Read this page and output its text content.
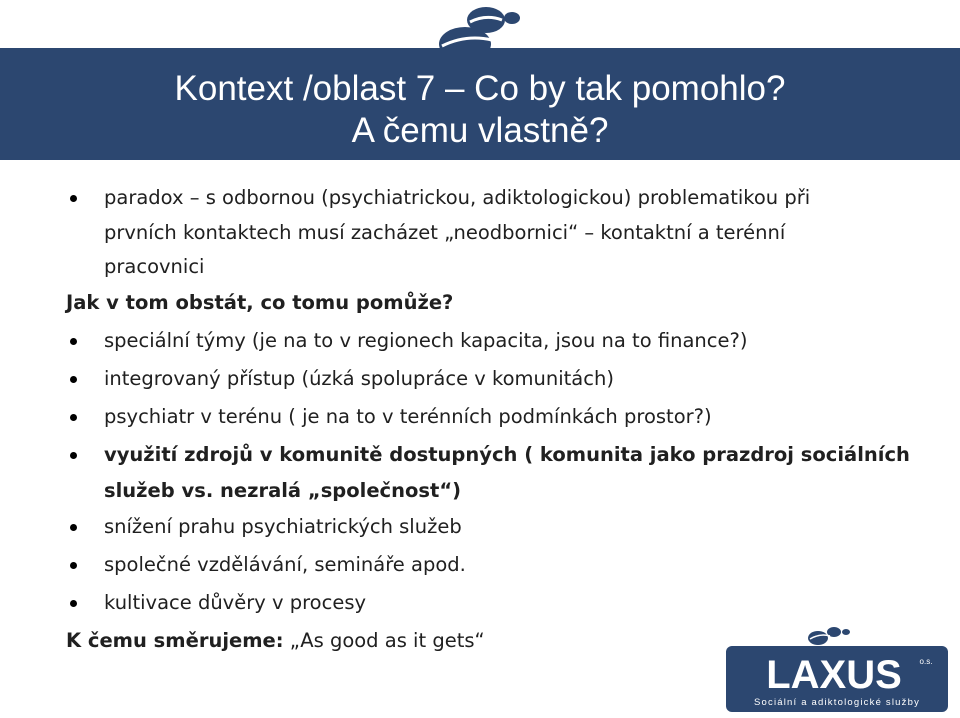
Kontext /oblast 7 – Co by tak pomohlo?
A čemu vlastně?
paradox – s odbornou (psychiatrickou, adiktologickou) problematikou při
prvních kontaktech musí zacházet „neodbornici“ – kontaktní a terénní
pracovnici
Jak v tom obstát, co tomu pomůže?
speciální týmy (je na to v regionech kapacita, jsou na to finance?)
integrovaný přístup (úzká spolupráce v komunitách)
psychiatr v terénu ( je na to v terénních podmínkách prostor?)
využití zdrojů v komunitě dostupných ( komunita jako prazdroj sociálních
služeb vs. nezralá „společnost“)
snížení prahu psychiatrických služeb
společné vzdělávání, semináře apod.
kultivace důvěry v procesy
K čemu směrujeme: „As good as it gets“
LAXUS o.s.
Sociální a adiktologické služby
